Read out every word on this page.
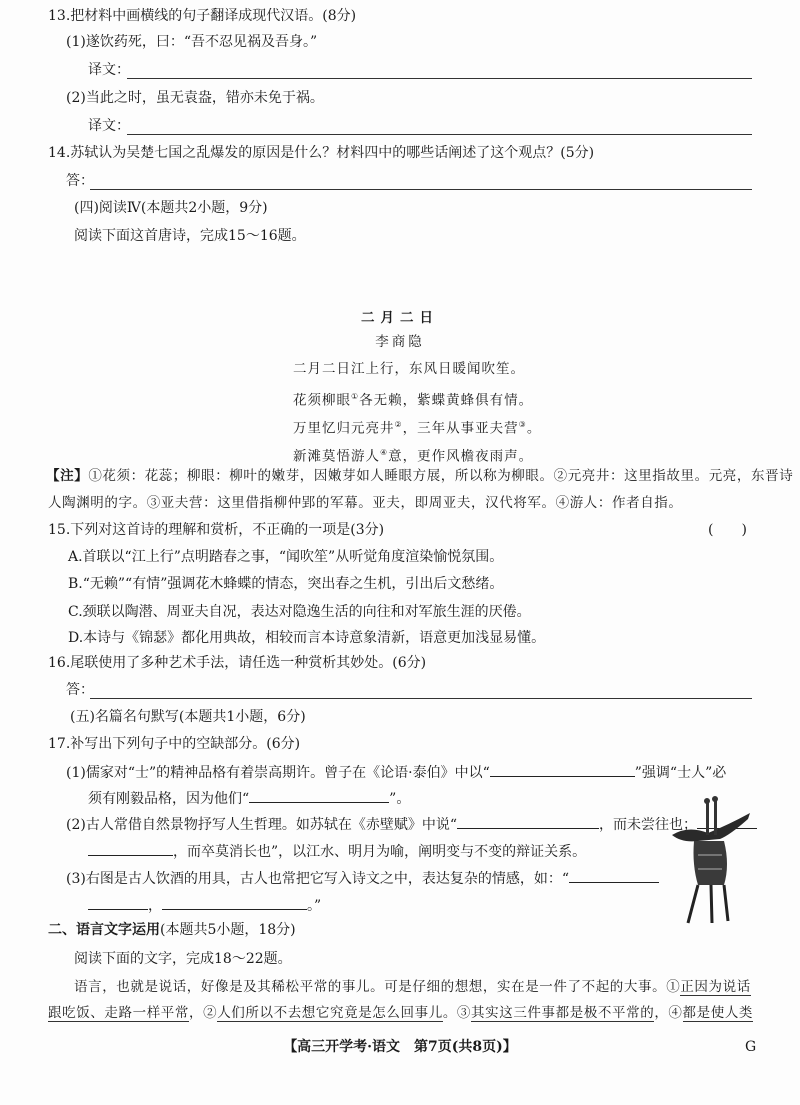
13.把材料中画横线的句子翻译成现代汉语。(8分)
(1)遂饮药死，曰：“吾不忍见祸及吾身。”
译文：
(2)当此之时，虽无袁盎，错亦未免于祸。
译文：
14.苏轼认为吴楚七国之乱爆发的原因是什么？材料四中的哪些话阐述了这个观点？(5分)
答：
(四)阅读Ⅳ(本题共2小题，9分)
阅读下面这首唐诗，完成15～16题。
二月二日
李商隐
二月二日江上行，东风日暖闻吹笙。
花须柳眼①各无赖，紫蝶黄蜂俱有情。
万里忆归元亮井②，三年从事亚夫营③。
新滩莫悟游人④意，更作风檐夜雨声。
【注】①花须：花蕊；柳眼：柳叶的嫩芽，因嫩芽如人睡眼方展，所以称为柳眼。②元亮井：这里指故里。元亮，东晋诗
人陶渊明的字。③亚夫营：这里借指柳仲郢的军幕。亚夫，即周亚夫，汉代将军。④游人：作者自指。
15.下列对这首诗的理解和赏析，不正确的一项是(3分)	(　　)
A.首联以“江上行”点明踏春之事，“闻吹笙”从听觉角度渲染愉悦氛围。
B.“无赖”“有情”强调花木蜂蝶的情态，突出春之生机，引出后文愁绪。
C.颈联以陶潜、周亚夫自况，表达对隐逸生活的向往和对军旅生涯的厌倦。
D.本诗与《锦瑟》都化用典故，相较而言本诗意象清新，语意更加浅显易懂。
16.尾联使用了多种艺术手法，请任选一种赏析其妙处。(6分)
答：
(五)名篇名句默写(本题共1小题，6分)
17.补写出下列句子中的空缺部分。(6分)
(1)儒家对“士”的精神品格有着崇高期许。曾子在《论语·泰伯》中以“	”强调“士人”必
须有刚毅品格，因为他们“	”。
(2)古人常借自然景物抒写人生哲理。如苏轼在《赤壁赋》中说“	，而未尝往也；
，而卒莫消长也”，以江水、明月为喻，阐明变与不变的辩证关系。
(3)右图是古人饮酒的用具，古人也常把它写入诗文之中，表达复杂的情感，如：“
，	。”
二、语言文字运用(本题共5小题，18分)
阅读下面的文字，完成18～22题。
语言，也就是说话，好像是及其稀松平常的事儿。可是仔细的想想，实在是一件了不起的大事。①正因为说话
跟吃饭、走路一样平常，②人们所以不去想它究竟是怎么回事儿。③其实这三件事都是极不平常的，④都是使人类
【高三开学考·语文　第7页(共8页)】	G
